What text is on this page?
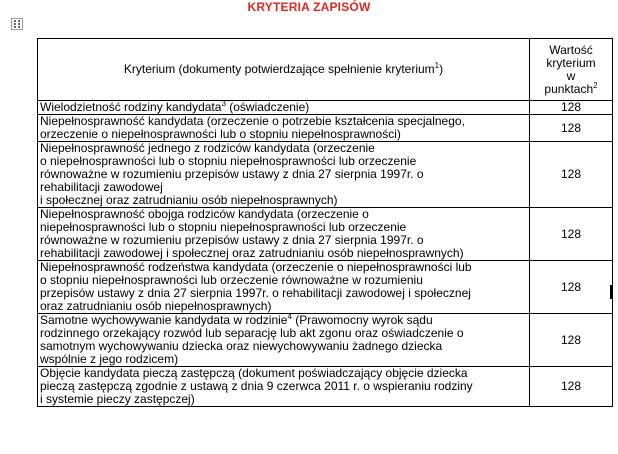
KRYTERIA ZAPISÓW
Kryterium (dokumenty potwierdzające spełnienie kryterium$^1$)	Wartość
kryterium
w
punktach$^2$

Wielodzietność rodziny kandydata$^3$ (oświadczenie)	128

Niepełnosprawność kandydata (orzeczenie o potrzebie kształcenia specjalnego,
orzeczenie o niepełnosprawności lub o stopniu niepełnosprawności)	128

Niepełnosprawność jednego z rodziców kandydata (orzeczenie
o niepełnosprawności lub o stopniu niepełnosprawności lub orzeczenie
równoważne w rozumieniu przepisów ustawy z dnia 27 sierpnia 1997r. o
rehabilitacji zawodowej
i społecznej oraz zatrudnianiu osób niepełnosprawnych)	128

Niepełnosprawność obojga rodziców kandydata (orzeczenie o
niepełnosprawności lub o stopniu niepełnosprawności lub orzeczenie
równoważne w rozumieniu przepisów ustawy z dnia 27 sierpnia 1997r. o
rehabilitacji zawodowej i społecznej oraz zatrudnianiu osób niepełnosprawnych)	128

Niepełnosprawność rodzeństwa kandydata (orzeczenie o niepełnosprawności lub
o stopniu niepełnosprawności lub orzeczenie równoważne w rozumieniu
przepisów ustawy z dnia 27 sierpnia 1997r. o rehabilitacji zawodowej i społecznej
oraz zatrudnianiu osób niepełnosprawnych)	128

Samotne wychowywanie kandydata w rodzinie$^4$ (Prawomocny wyrok sądu
rodzinnego orzekający rozwód lub separację lub akt zgonu oraz oświadczenie o
samotnym wychowywaniu dziecka oraz niewychowywaniu żadnego dziecka
wspólnie z jego rodzicem)	128

Objęcie kandydata pieczą zastępczą (dokument poświadczający objęcie dziecka
pieczą zastępczą zgodnie z ustawą z dnia 9 czerwca 2011 r. o wspieraniu rodziny
i systemie pieczy zastępczej)	128
